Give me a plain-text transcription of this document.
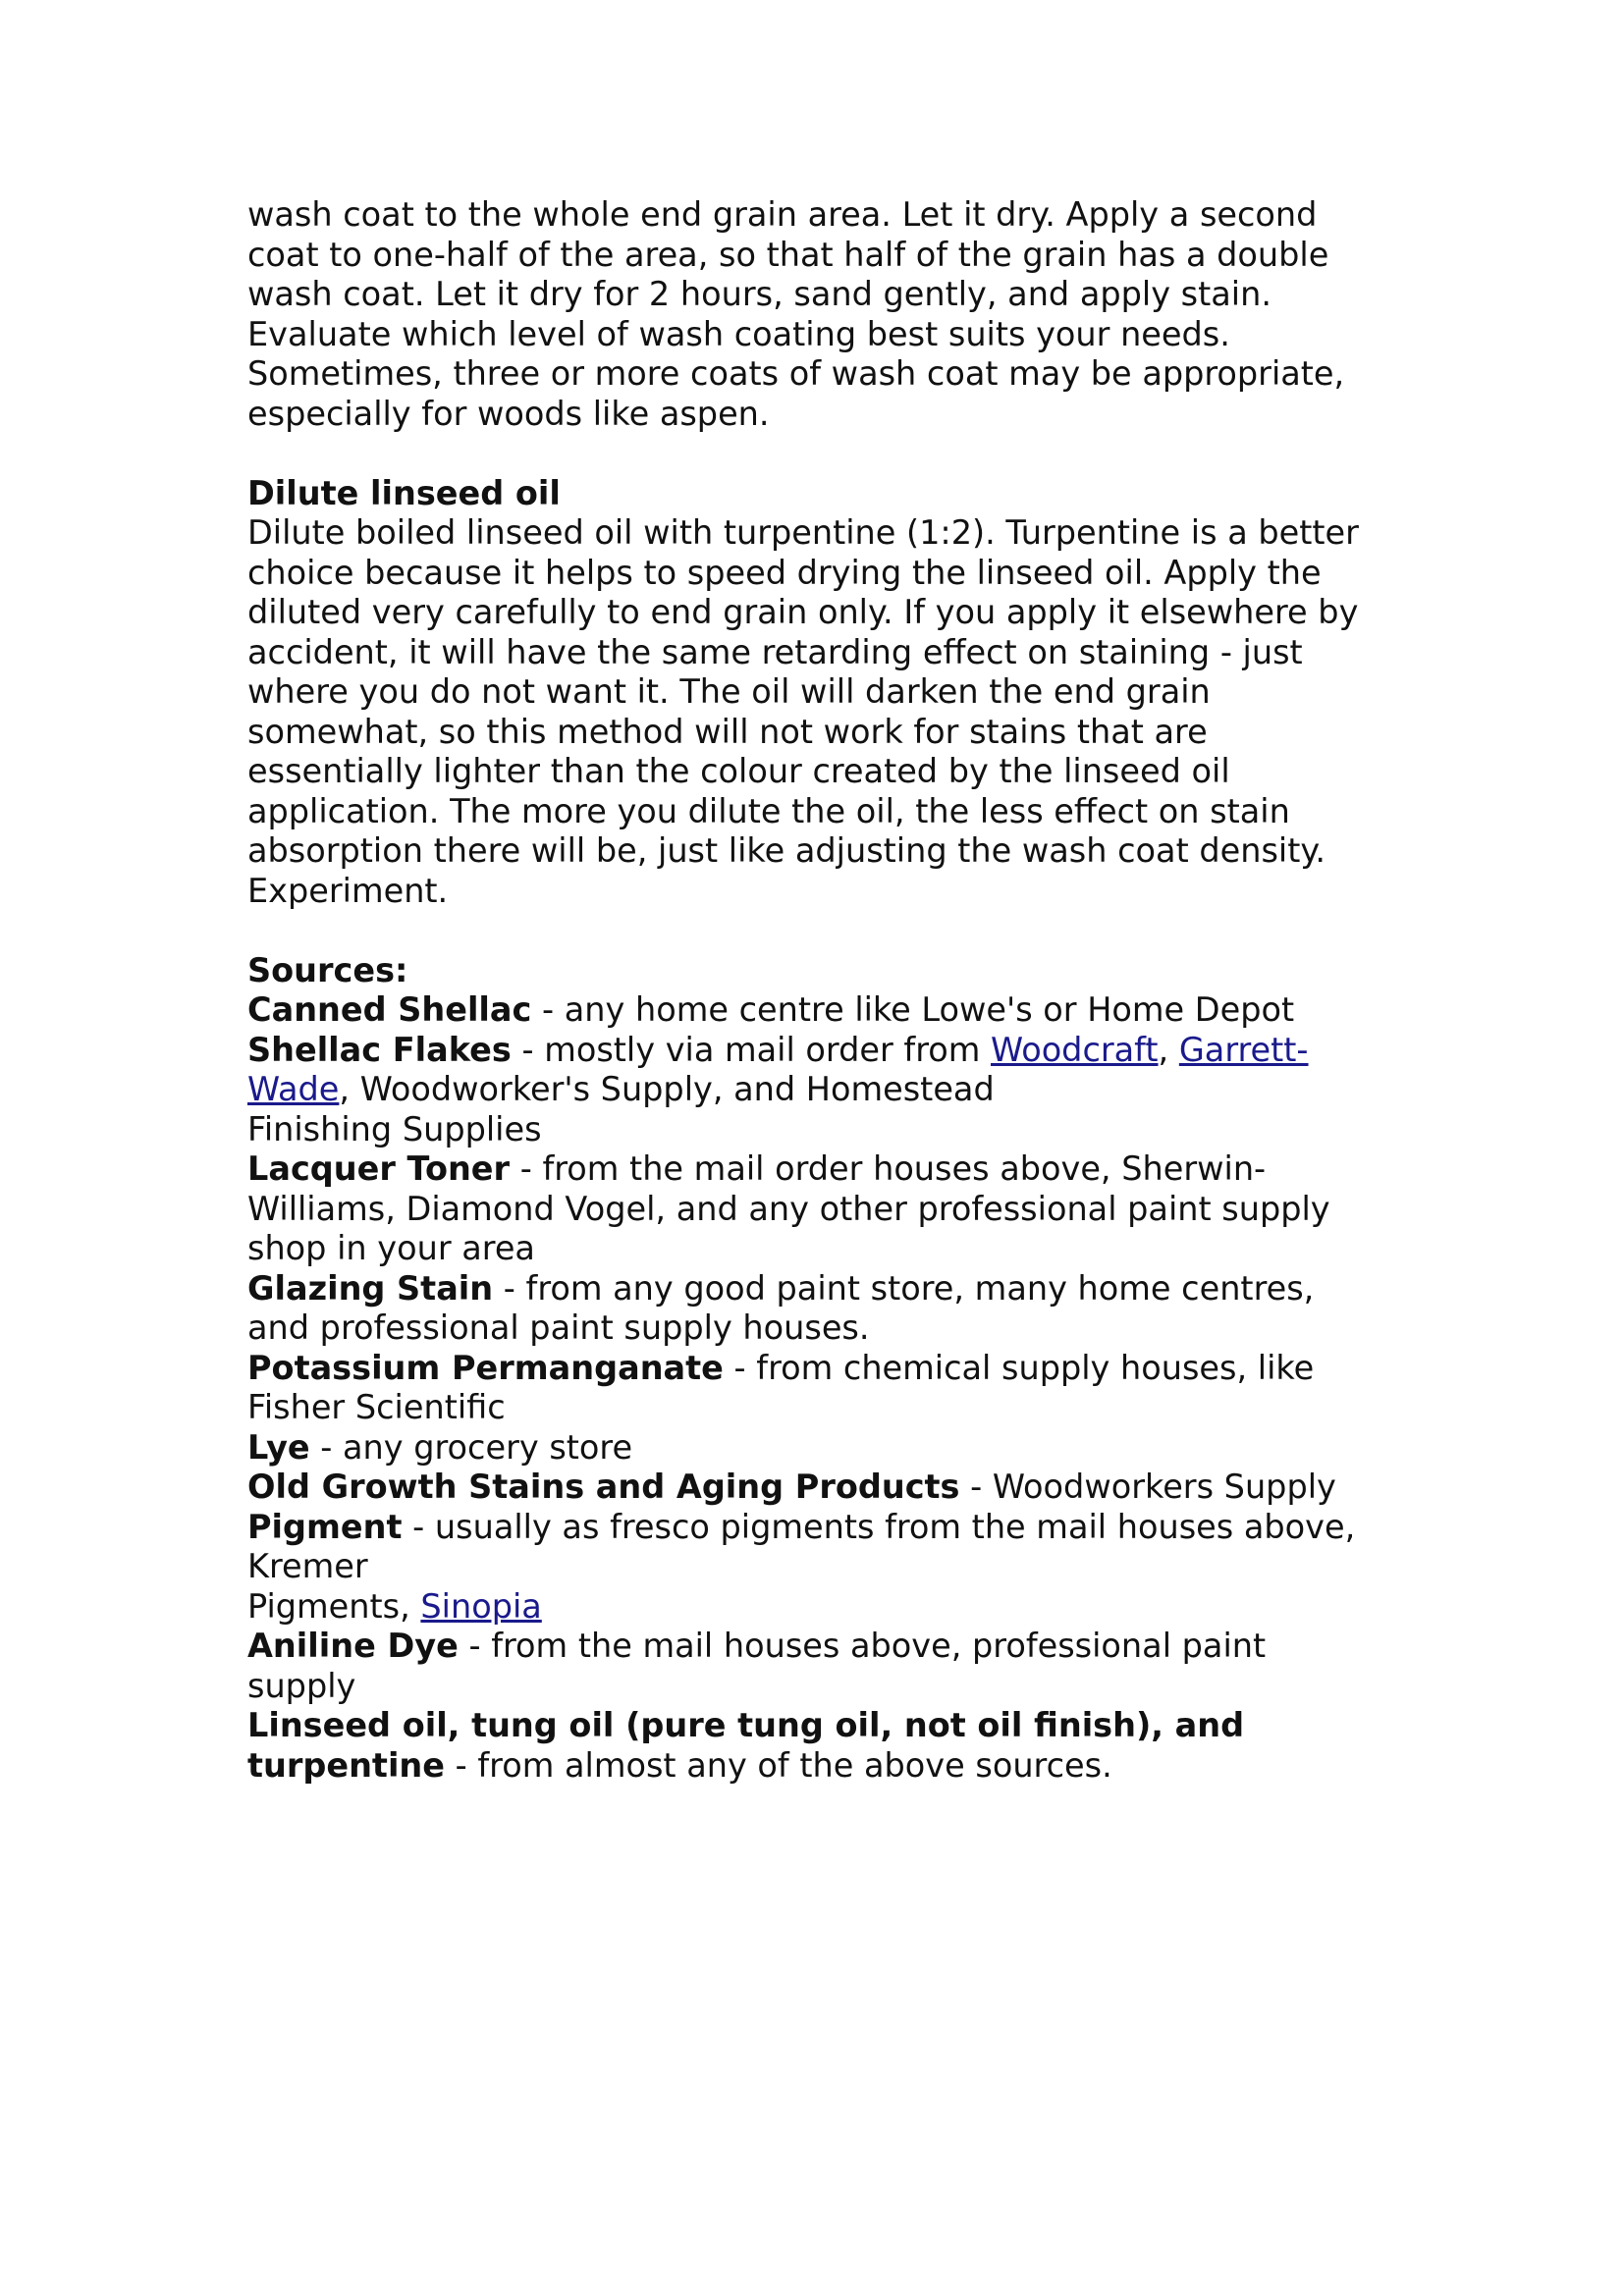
wash coat to the whole end grain area. Let it dry. Apply a second
coat to one-half of the area, so that half of the grain has a double
wash coat. Let it dry for 2 hours, sand gently, and apply stain.
Evaluate which level of wash coating best suits your needs.
Sometimes, three or more coats of wash coat may be appropriate,
especially for woods like aspen.
Dilute linseed oil
Dilute boiled linseed oil with turpentine (1:2). Turpentine is a better
choice because it helps to speed drying the linseed oil. Apply the
diluted very carefully to end grain only. If you apply it elsewhere by
accident, it will have the same retarding effect on staining - just
where you do not want it. The oil will darken the end grain
somewhat, so this method will not work for stains that are
essentially lighter than the colour created by the linseed oil
application. The more you dilute the oil, the less effect on stain
absorption there will be, just like adjusting the wash coat density.
Experiment.
Sources:
Canned Shellac - any home centre like Lowe's or Home Depot
Shellac Flakes - mostly via mail order from Woodcraft, Garrett-
Wade, Woodworker's Supply, and Homestead
Finishing Supplies
Lacquer Toner - from the mail order houses above, Sherwin-
Williams, Diamond Vogel, and any other professional paint supply
shop in your area
Glazing Stain - from any good paint store, many home centres,
and professional paint supply houses.
Potassium Permanganate - from chemical supply houses, like
Fisher Scientific
Lye - any grocery store
Old Growth Stains and Aging Products - Woodworkers Supply
Pigment - usually as fresco pigments from the mail houses above,
Kremer
Pigments, Sinopia
Aniline Dye - from the mail houses above, professional paint
supply
Linseed oil, tung oil (pure tung oil, not oil finish), and
turpentine - from almost any of the above sources.
